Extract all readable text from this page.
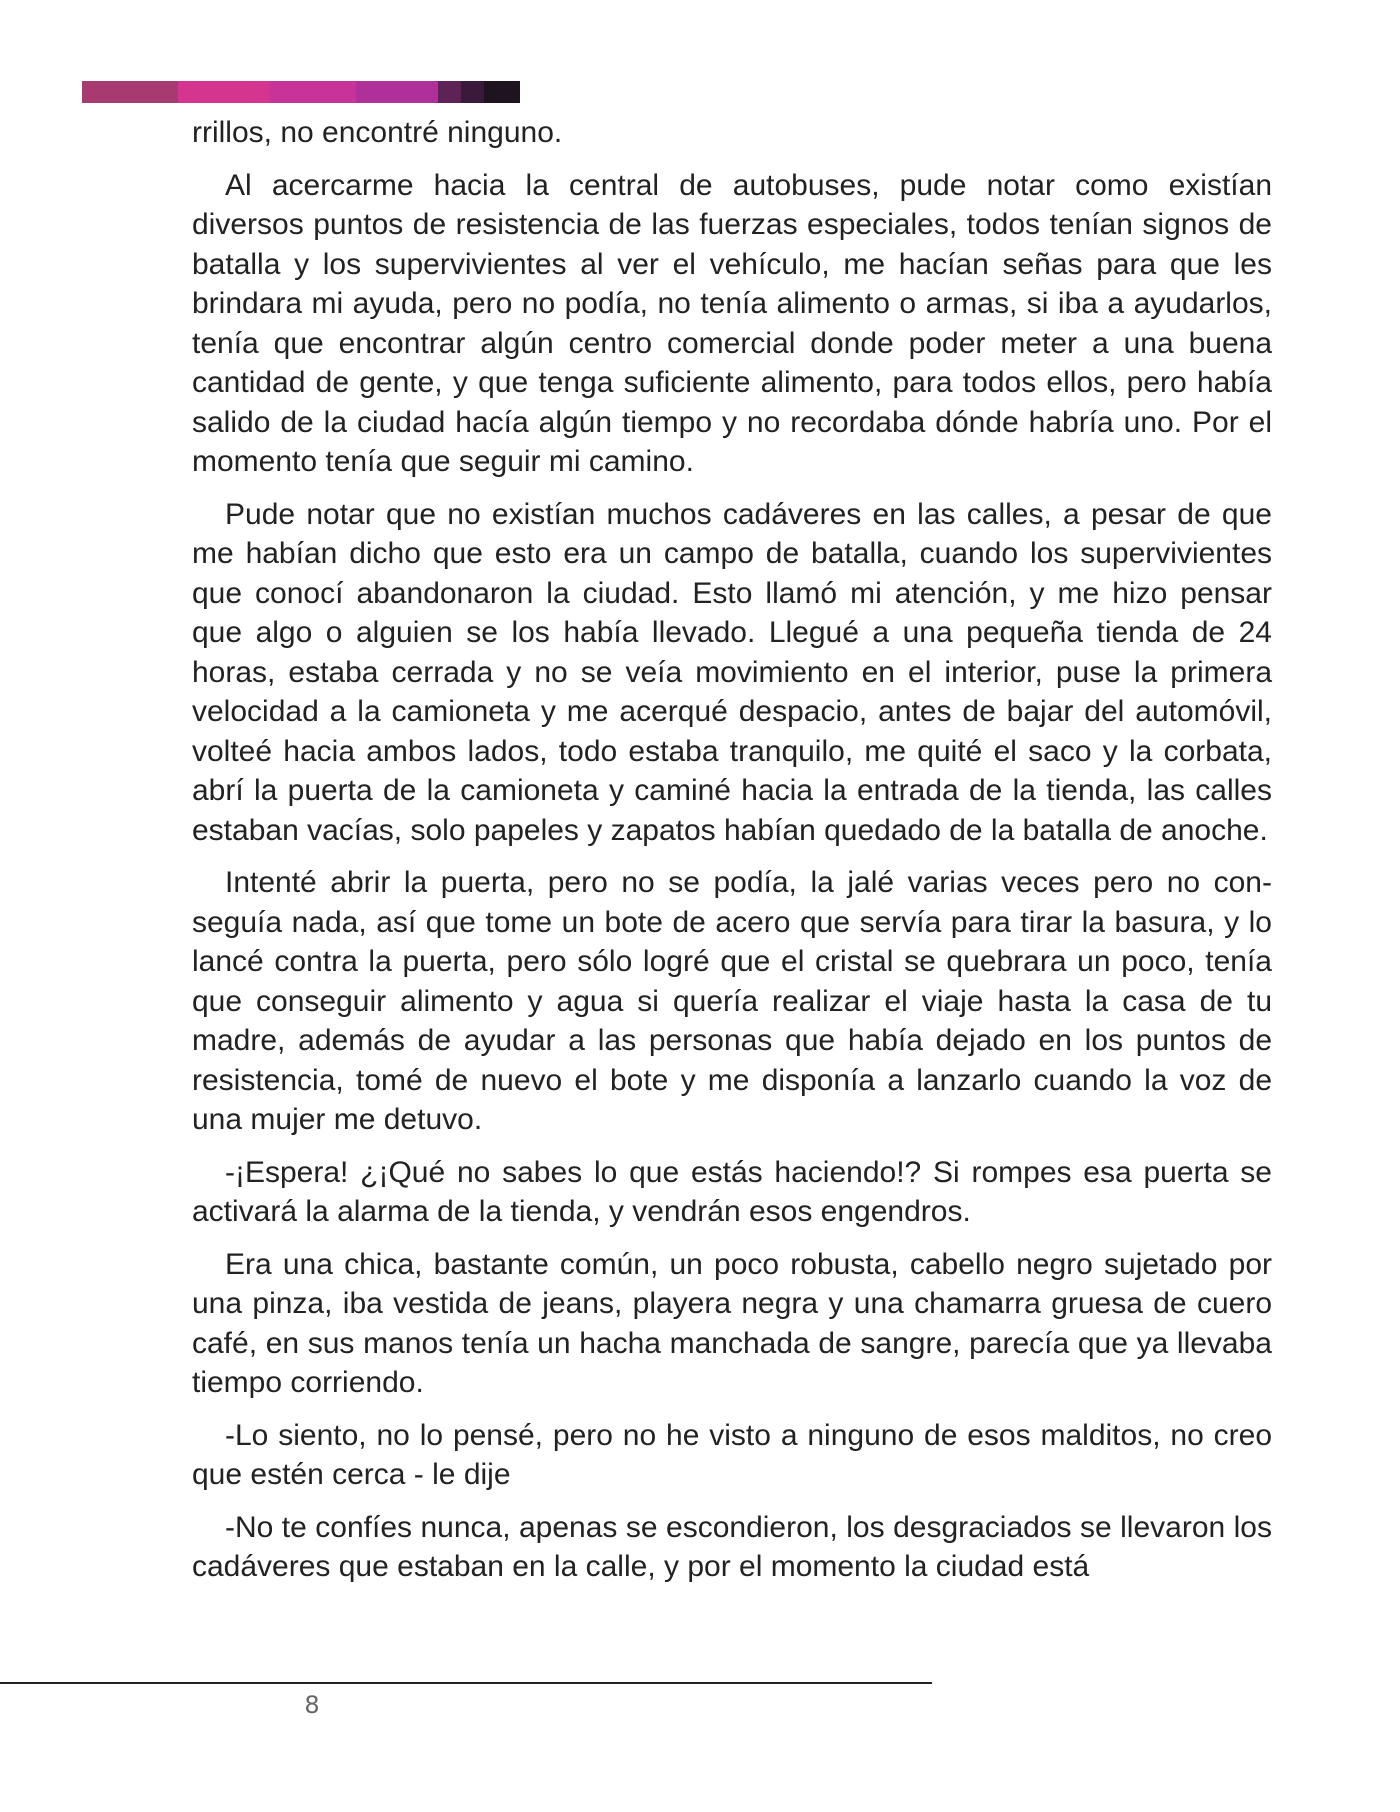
rrillos, no encontré ninguno.

Al acercarme hacia la central de autobuses, pude notar como existían diversos puntos de resistencia de las fuerzas especiales, todos tenían signos de batalla y los supervivientes al ver el vehículo, me hacían señas para que les brindara mi ayuda, pero no podía, no tenía alimento o armas, si iba a ayudarlos, tenía que encontrar algún centro comercial donde poder meter a una buena cantidad de gente, y que tenga suficiente alimento, para todos ellos, pero había salido de la ciudad hacía algún tiempo y no recordaba dónde habría uno. Por el momento tenía que seguir mi camino.

Pude notar que no existían muchos cadáveres en las calles, a pesar de que me habían dicho que esto era un campo de batalla, cuando los supervivientes que conocí abandonaron la ciudad. Esto llamó mi atención, y me hizo pensar que algo o alguien se los había llevado. Llegué a una pequeña tienda de 24 horas, estaba cerrada y no se veía movimiento en el interior, puse la primera velocidad a la camioneta y me acerqué despacio, antes de bajar del automóvil, volteé hacia ambos lados, todo estaba tranquilo, me quité el saco y la corbata, abrí la puerta de la camioneta y caminé hacia la entrada de la tienda, las calles estaban vacías, solo papeles y zapatos habían quedado de la batalla de anoche.

Intenté abrir la puerta, pero no se podía, la jalé varias veces pero no conseguía nada, así que tome un bote de acero que servía para tirar la basura, y lo lancé contra la puerta, pero sólo logré que el cristal se quebrara un poco, tenía que conseguir alimento y agua si quería realizar el viaje hasta la casa de tu madre, además de ayudar a las personas que había dejado en los puntos de resistencia, tomé de nuevo el bote y me disponía a lanzarlo cuando la voz de una mujer me detuvo.

-¡Espera! ¿¡Qué no sabes lo que estás haciendo!? Si rompes esa puerta se activará la alarma de la tienda, y vendrán esos engendros.

Era una chica, bastante común, un poco robusta, cabello negro sujetado por una pinza, iba vestida de jeans, playera negra y una chamarra gruesa de cuero café, en sus manos tenía un hacha manchada de sangre, parecía que ya llevaba tiempo corriendo.

-Lo siento, no lo pensé, pero no he visto a ninguno de esos malditos, no creo que estén cerca - le dije

-No te confíes nunca, apenas se escondieron, los desgraciados se llevaron los cadáveres que estaban en la calle, y por el momento la ciudad está

8
